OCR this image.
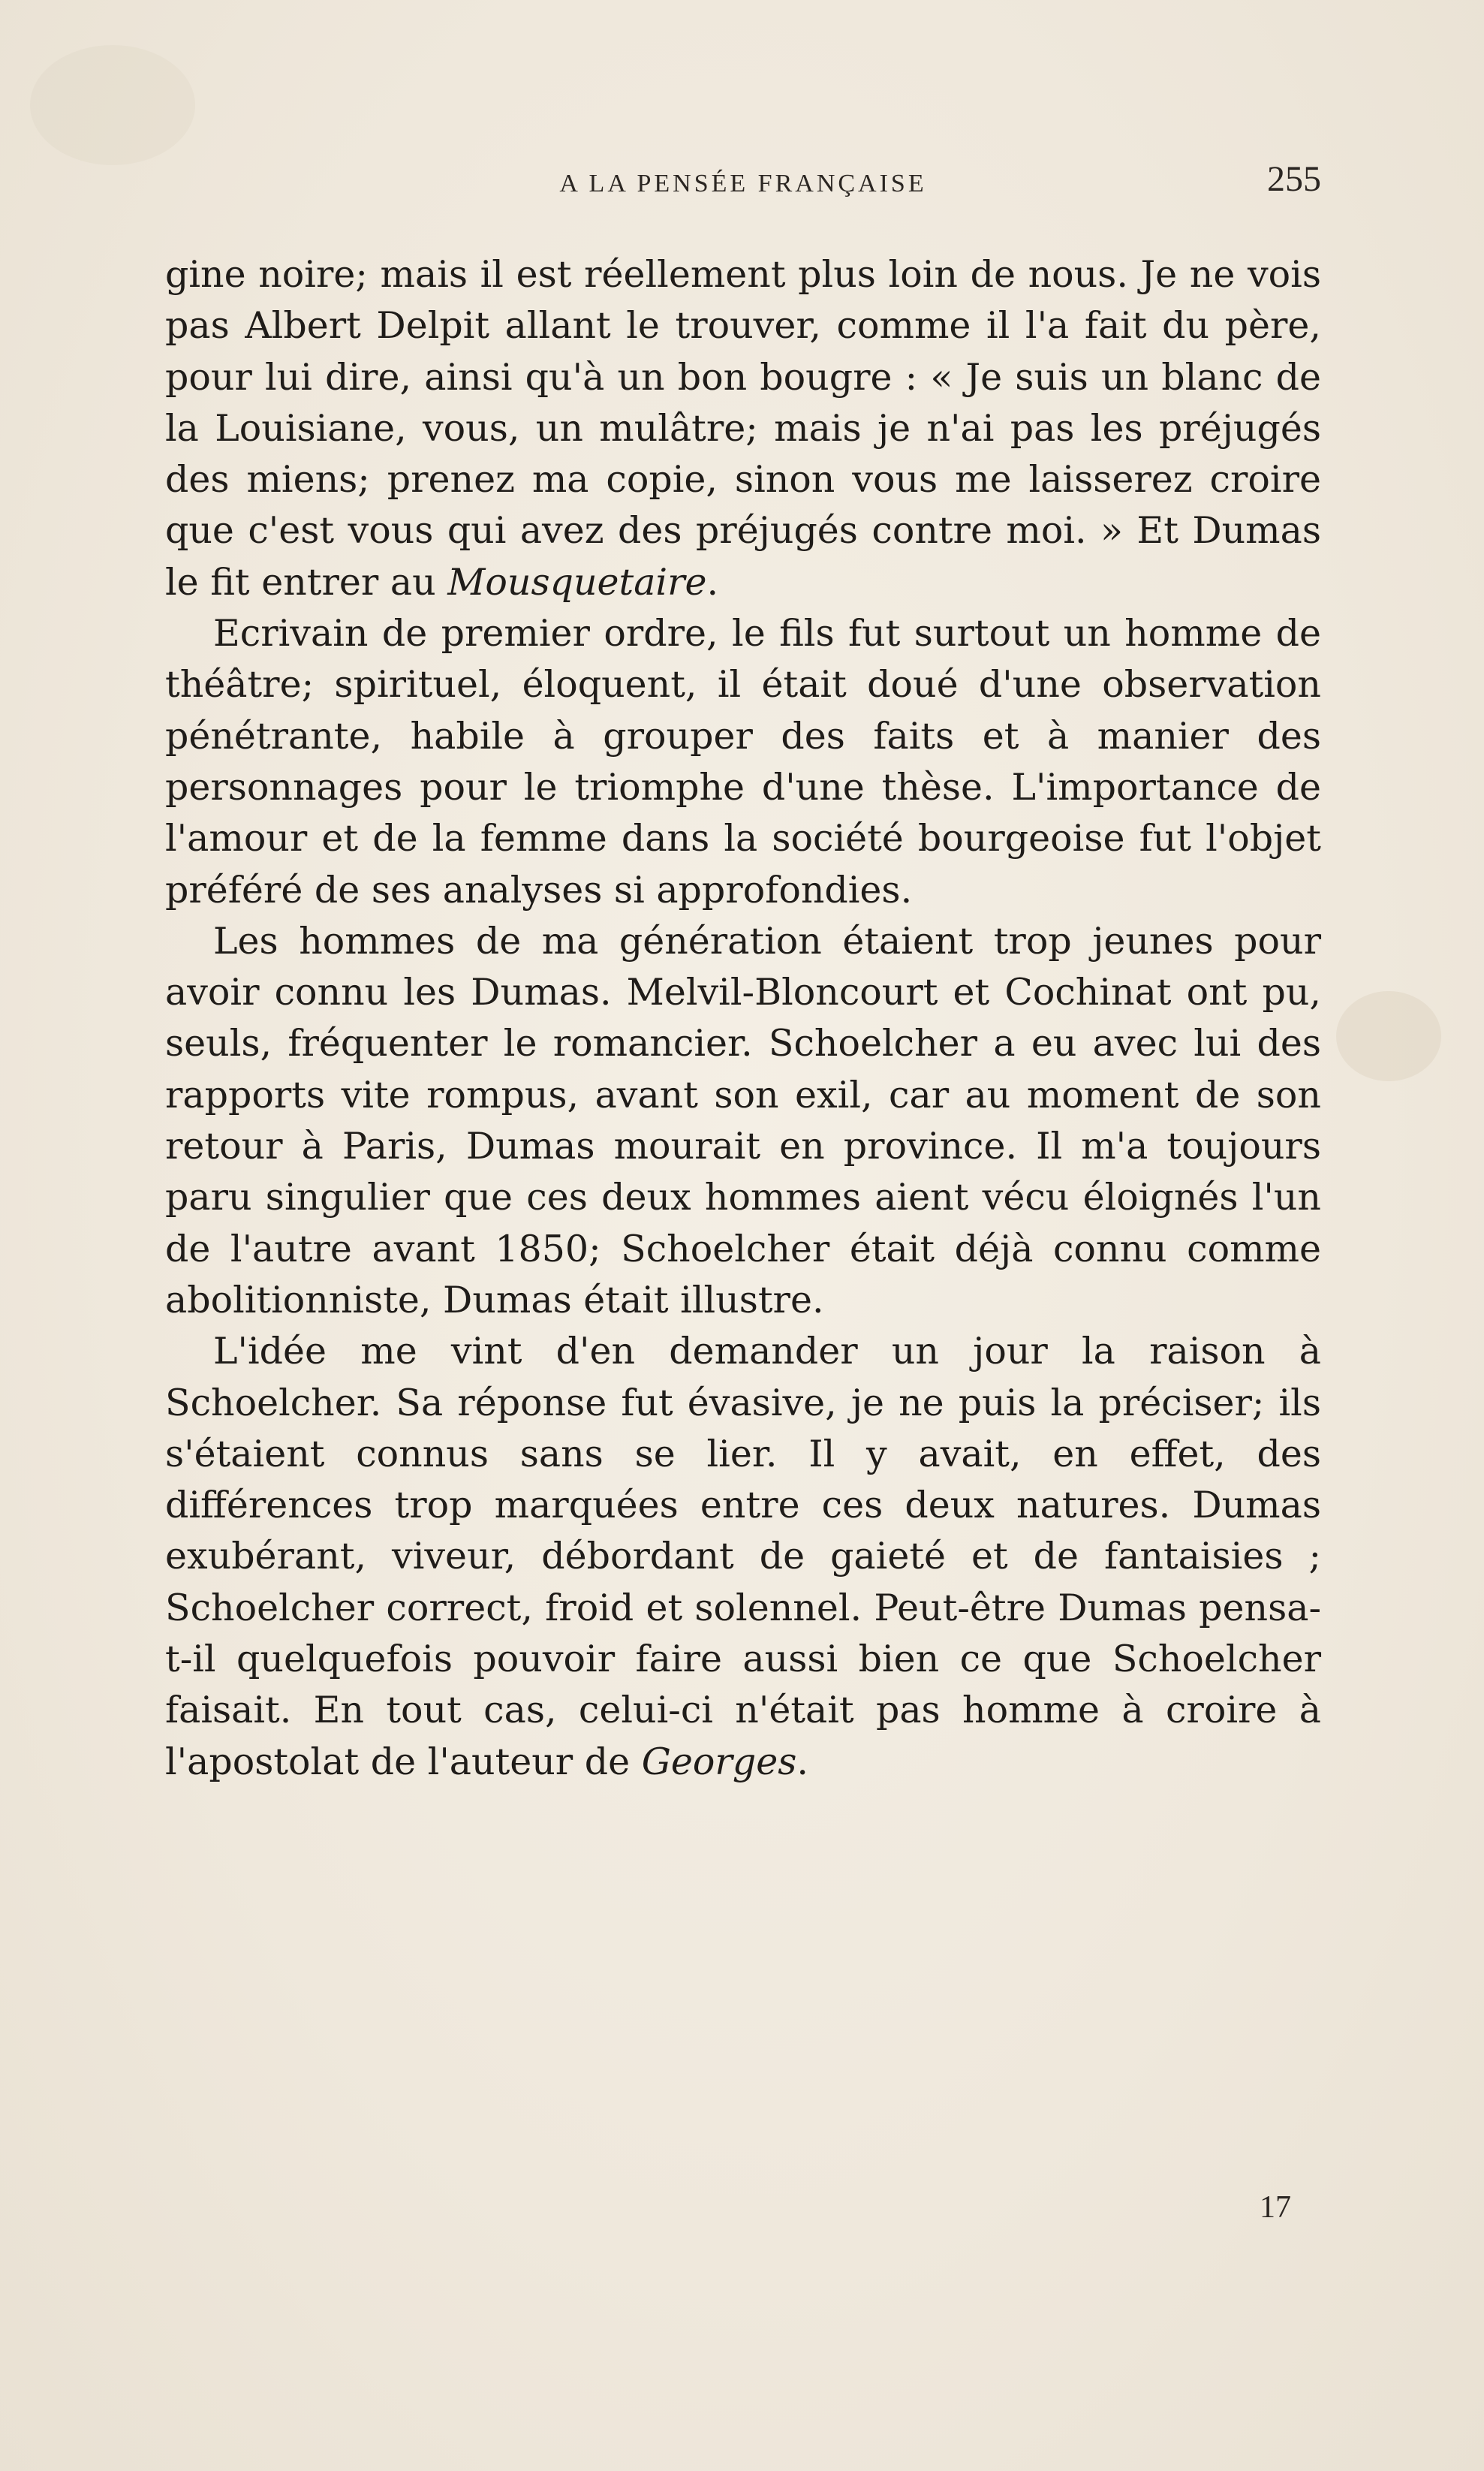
A LA PENSÉE FRANÇAISE	255

gine noire; mais il est réellement plus loin de nous. Je ne vois pas Albert Delpit allant le trouver, comme il l'a fait du père, pour lui dire, ainsi qu'à un bon bougre : « Je suis un blanc de la Louisiane, vous, un mulâtre; mais je n'ai pas les préjugés des miens; prenez ma copie, sinon vous me laisserez croire que c'est vous qui avez des préjugés contre moi. » Et Dumas le fit entrer au Mousquetaire.

Ecrivain de premier ordre, le fils fut surtout un homme de théâtre; spirituel, éloquent, il était doué d'une observation pénétrante, habile à grouper des faits et à manier des personnages pour le triomphe d'une thèse. L'importance de l'amour et de la femme dans la société bourgeoise fut l'objet préféré de ses analyses si approfondies.

Les hommes de ma génération étaient trop jeunes pour avoir connu les Dumas. Melvil-Bloncourt et Cochinat ont pu, seuls, fréquenter le romancier. Schoelcher a eu avec lui des rapports vite rompus, avant son exil, car au moment de son retour à Paris, Dumas mourait en province. Il m'a toujours paru singulier que ces deux hommes aient vécu éloignés l'un de l'autre avant 1850; Schoelcher était déjà connu comme abolitionniste, Dumas était illustre.

L'idée me vint d'en demander un jour la raison à Schoelcher. Sa réponse fut évasive, je ne puis la préciser; ils s'étaient connus sans se lier. Il y avait, en effet, des différences trop marquées entre ces deux natures. Dumas exubérant, viveur, débordant de gaieté et de fantaisies ; Schoelcher correct, froid et solennel. Peut-être Dumas pensa-t-il quelquefois pouvoir faire aussi bien ce que Schoelcher faisait. En tout cas, celui-ci n'était pas homme à croire à l'apostolat de l'auteur de Georges.

17
